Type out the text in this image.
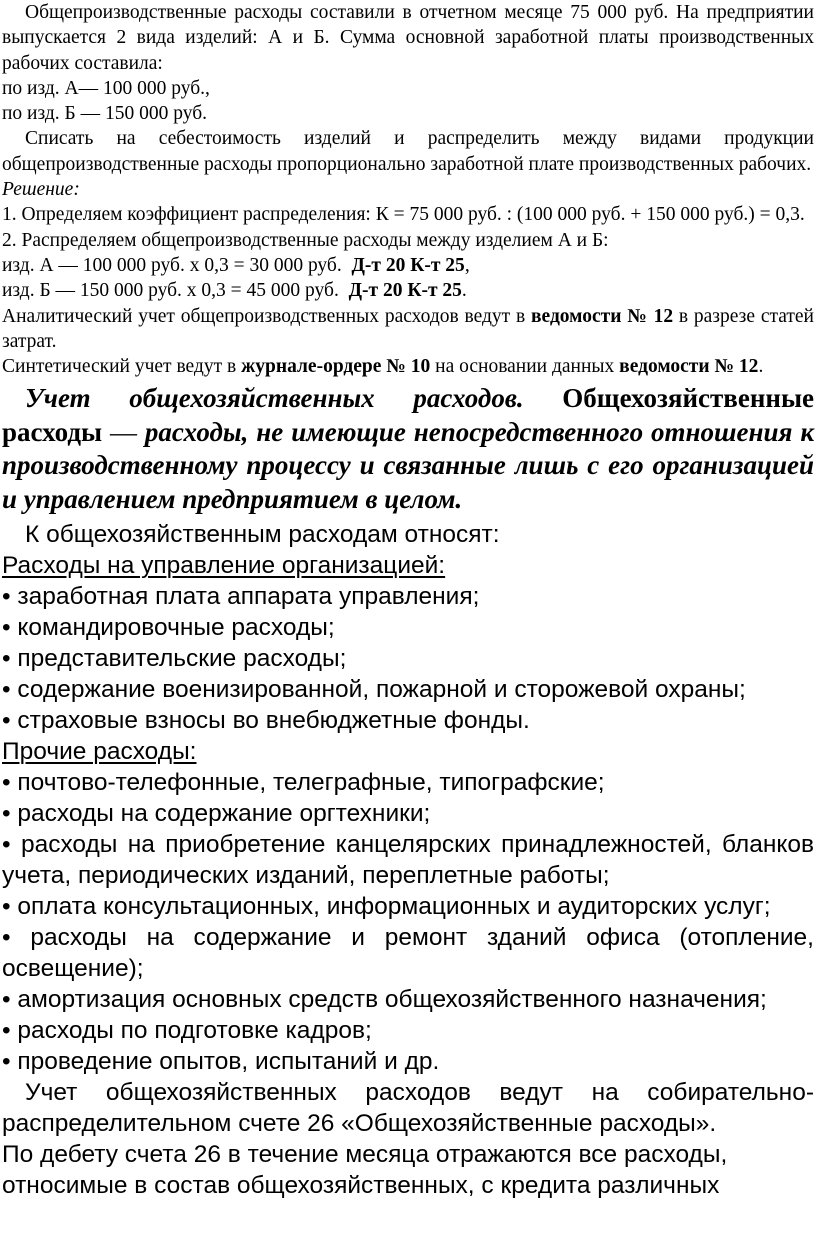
Общепроизводственные расходы составили в отчетном месяце 75 000 руб. На предприятии выпускается 2 вида изделий: А и Б. Сумма основной заработной платы производственных рабочих составила:

по изд. А— 100 000 руб.,

по изд. Б — 150 000 руб.

Списать на себестоимость изделий и распределить между видами продукции общепроизводственные расходы пропорционально заработной плате производственных рабочих.

Решение:

1. Определяем коэффициент распределения: К = 75 000 руб. : (100 000 руб. + 150 000 руб.) = 0,3.

2. Распределяем общепроизводственные расходы между изделием А и Б:

изд. А — 100 000 руб. х 0,3 = 30 000 руб. Д-т 20 К-т 25,

изд. Б — 150 000 руб. х 0,3 = 45 000 руб. Д-т 20 К-т 25.

Аналитический учет общепроизводственных расходов ведут в ведомости № 12 в разрезе статей затрат.

Синтетический учет ведут в журнале-ордере № 10 на основании данных ведомости № 12.

Учет общехозяйственных расходов. Общехозяйственные расходы — расходы, не имеющие непосредственного отношения к производственному процессу и связанные лишь с его организацией и управлением предприятием в целом.

К общехозяйственным расходам относят:

Расходы на управление организацией:

• заработная плата аппарата управления;

• командировочные расходы;

• представительские расходы;

• содержание военизированной, пожарной и сторожевой охраны;

• страховые взносы во внебюджетные фонды.

Прочие расходы:

• почтово-телефонные, телеграфные, типографские;

• расходы на содержание оргтехники;

• расходы на приобретение канцелярских принадлежностей, бланков учета, периодических изданий, переплетные работы;

• оплата консультационных, информационных и аудиторских услуг;

• расходы на содержание и ремонт зданий офиса (отопление, освещение);

• амортизация основных средств общехозяйственного назначения;

• расходы по подготовке кадров;

• проведение опытов, испытаний и др.

Учет общехозяйственных расходов ведут на собирательно-распределительном счете 26 «Общехозяйственные расходы».

По дебету счета 26 в течение месяца отражаются все расходы, относимые в состав общехозяйственных, с кредита различных
